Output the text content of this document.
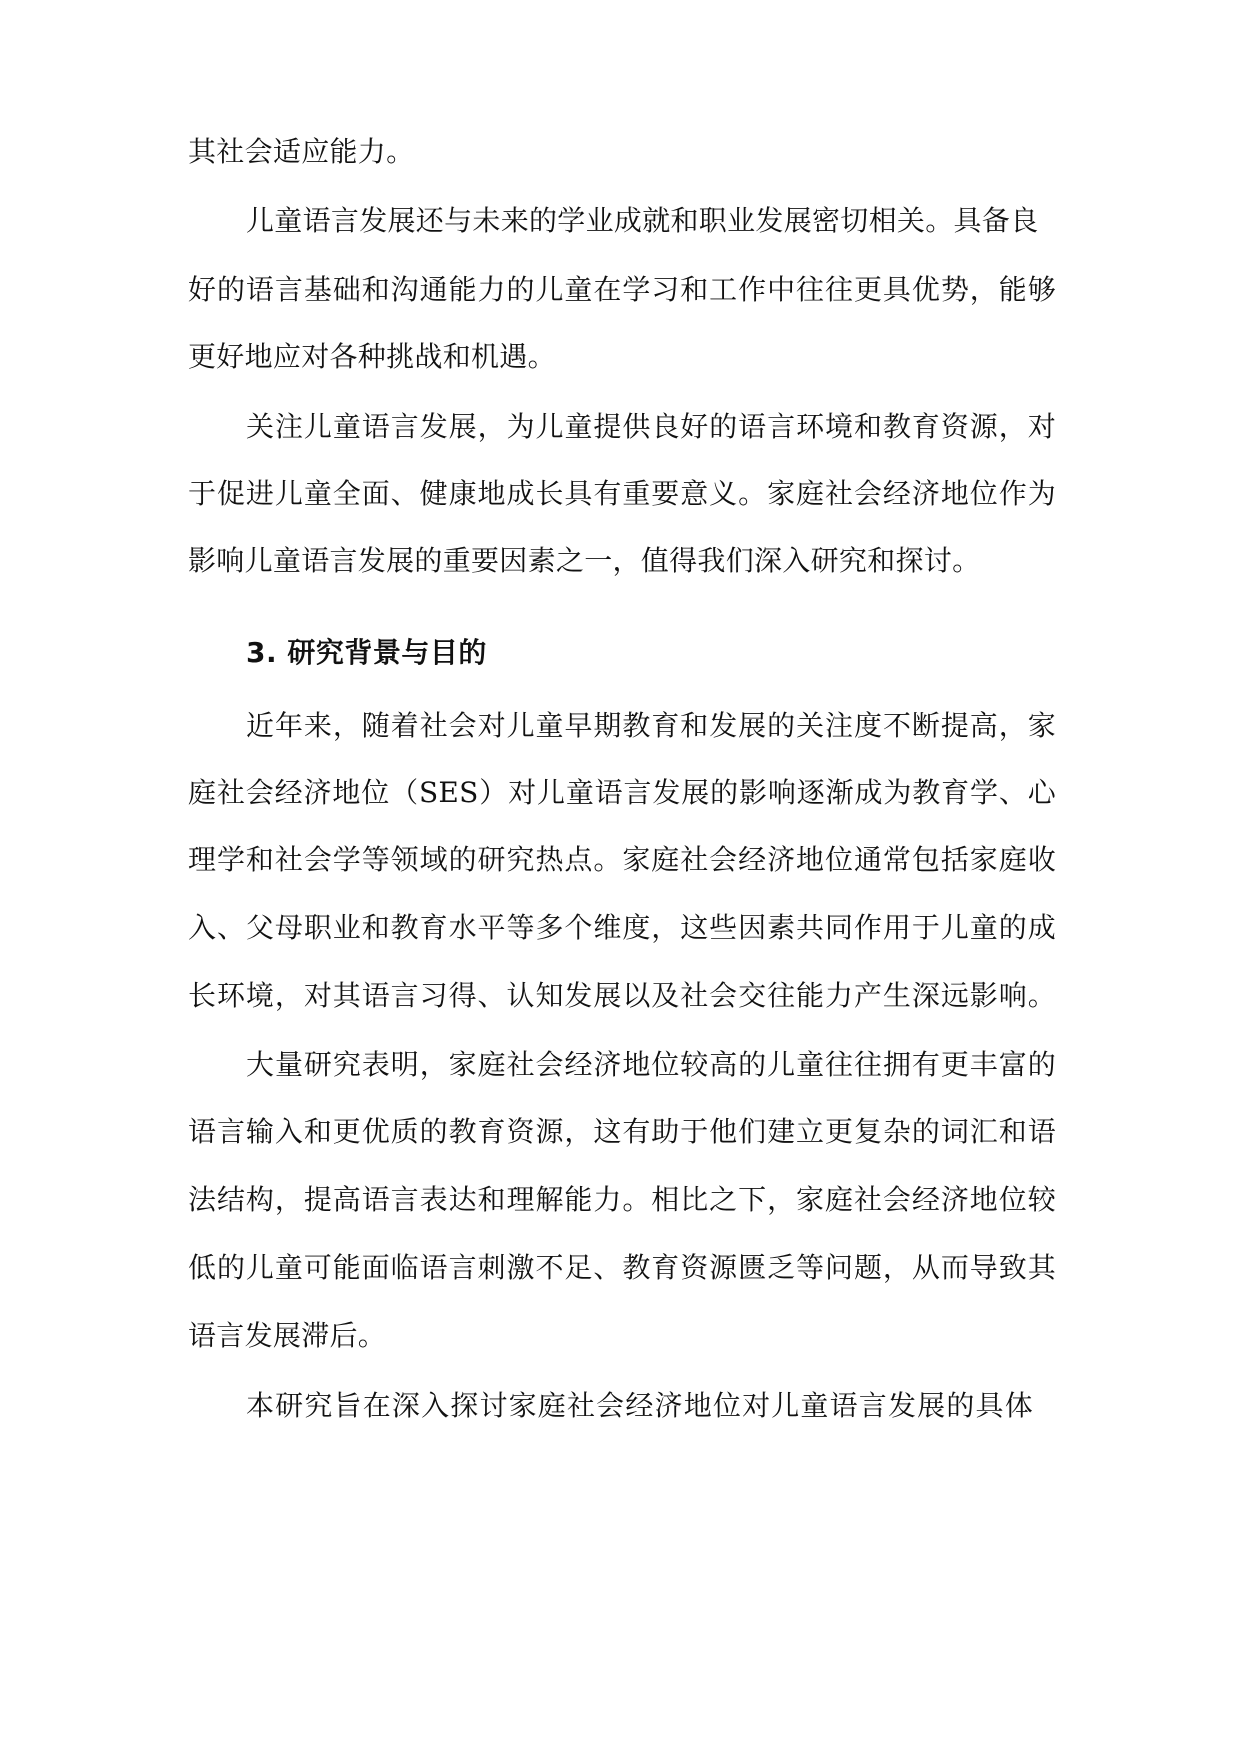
其社会适应能力。
儿童语言发展还与未来的学业成就和职业发展密切相关。具备良
好的语言基础和沟通能力的儿童在学习和工作中往往更具优势，能够
更好地应对各种挑战和机遇。
关注儿童语言发展，为儿童提供良好的语言环境和教育资源，对
于促进儿童全面、健康地成长具有重要意义。家庭社会经济地位作为
影响儿童语言发展的重要因素之一，值得我们深入研究和探讨。
3. 研究背景与目的
近年来，随着社会对儿童早期教育和发展的关注度不断提高，家
庭社会经济地位（SES）对儿童语言发展的影响逐渐成为教育学、心
理学和社会学等领域的研究热点。家庭社会经济地位通常包括家庭收
入、父母职业和教育水平等多个维度，这些因素共同作用于儿童的成
长环境，对其语言习得、认知发展以及社会交往能力产生深远影响。
大量研究表明，家庭社会经济地位较高的儿童往往拥有更丰富的
语言输入和更优质的教育资源，这有助于他们建立更复杂的词汇和语
法结构，提高语言表达和理解能力。相比之下，家庭社会经济地位较
低的儿童可能面临语言刺激不足、教育资源匮乏等问题，从而导致其
语言发展滞后。
本研究旨在深入探讨家庭社会经济地位对儿童语言发展的具体
